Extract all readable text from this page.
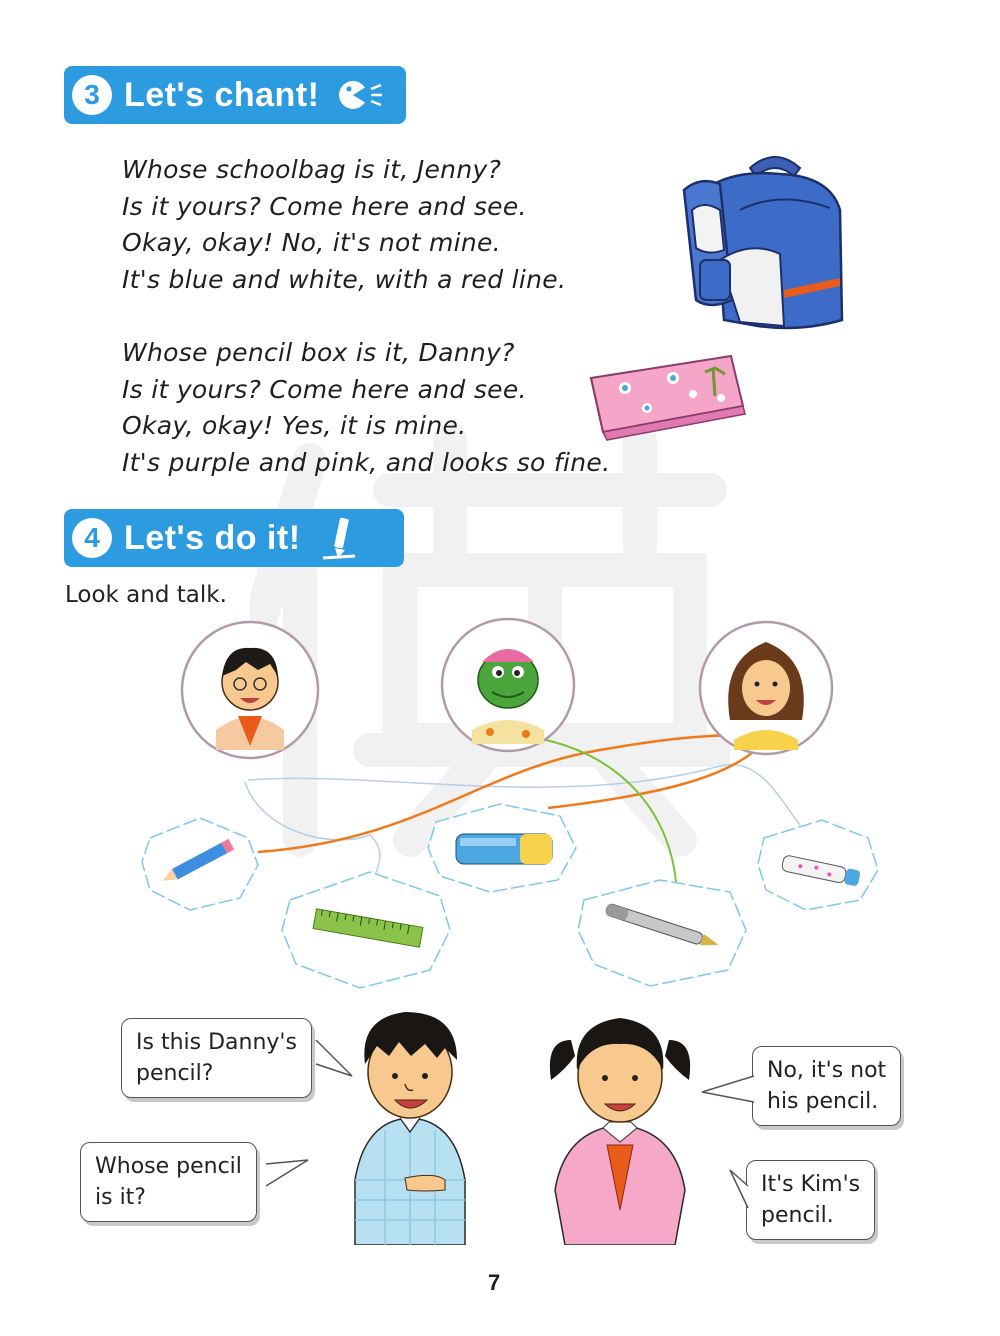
3 Let's chant!
Whose schoolbag is it, Jenny?
Is it yours? Come here and see.
Okay, okay! No, it's not mine.
It's blue and white, with a red line.
Whose pencil box is it, Danny?
Is it yours? Come here and see.
Okay, okay! Yes, it is mine.
It's purple and pink, and looks so fine.
4 Let's do it!
Look and talk.
Is this Danny's
pencil?
Whose pencil
is it?
No, it's not
his pencil.
It's Kim's
pencil.
7
